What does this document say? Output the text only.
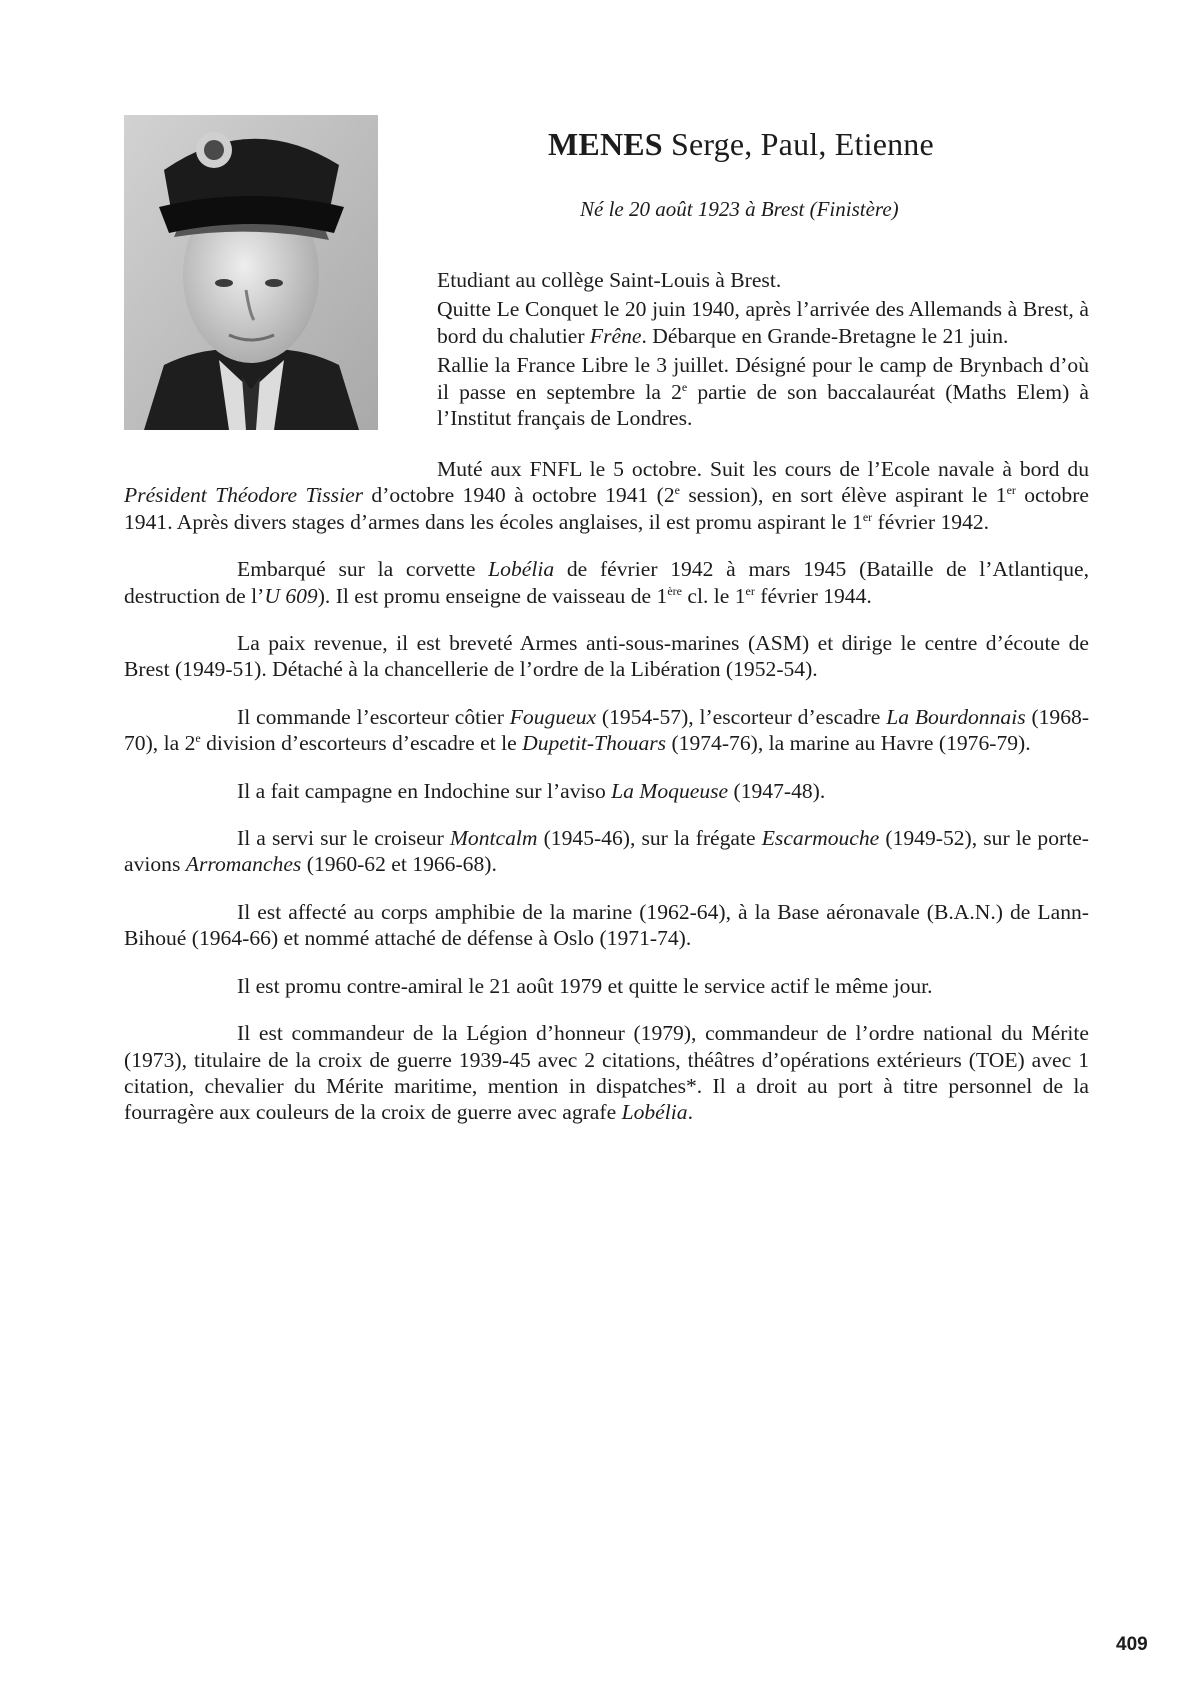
MENES Serge, Paul, Etienne

Né le 20 août 1923 à Brest (Finistère)

Etudiant au collège Saint-Louis à Brest.

Quitte Le Conquet le 20 juin 1940, après l’arrivée des Allemands à Brest, à bord du chalutier Frêne. Débarque en Grande-Bretagne le 21 juin.

Rallie la France Libre le 3 juillet. Désigné pour le camp de Brynbach d’où il passe en septembre la 2e partie de son baccalauréat (Maths Elem) à l’Institut français de Londres.

Muté aux FNFL le 5 octobre. Suit les cours de l’Ecole navale à bord du Président Théodore Tissier d’octobre 1940 à octobre 1941 (2e session), en sort élève aspirant le 1er octobre 1941. Après divers stages d’armes dans les écoles anglaises, il est promu aspirant le 1er février 1942.

Embarqué sur la corvette Lobélia de février 1942 à mars 1945 (Bataille de l’Atlantique, destruction de l’U 609). Il est promu enseigne de vaisseau de 1ère cl. le 1er février 1944.

La paix revenue, il est breveté Armes anti-sous-marines (ASM) et dirige le centre d’écoute de Brest (1949-51). Détaché à la chancellerie de l’ordre de la Libération (1952-54).

Il commande l’escorteur côtier Fougueux (1954-57), l’escorteur d’escadre La Bourdonnais (1968-70), la 2e division d’escorteurs d’escadre et le Dupetit-Thouars (1974-76), la marine au Havre (1976-79).

Il a fait campagne en Indochine sur l’aviso La Moqueuse (1947-48).

Il a servi sur le croiseur Montcalm (1945-46), sur la frégate Escarmouche (1949-52), sur le porte-avions Arromanches (1960-62 et 1966-68).

Il est affecté au corps amphibie de la marine (1962-64), à la Base aéronavale (B.A.N.) de Lann-Bihoué (1964-66) et nommé attaché de défense à Oslo (1971-74).

Il est promu contre-amiral le 21 août 1979 et quitte le service actif le même jour.

Il est commandeur de la Légion d’honneur (1979), commandeur de l’ordre national du Mérite (1973), titulaire de la croix de guerre 1939-45 avec 2 citations, théâtres d’opérations extérieurs (TOE) avec 1 citation, chevalier du Mérite maritime, mention in dispatches*. Il a droit au port à titre personnel de la fourragère aux couleurs de la croix de guerre avec agrafe Lobélia.

409
